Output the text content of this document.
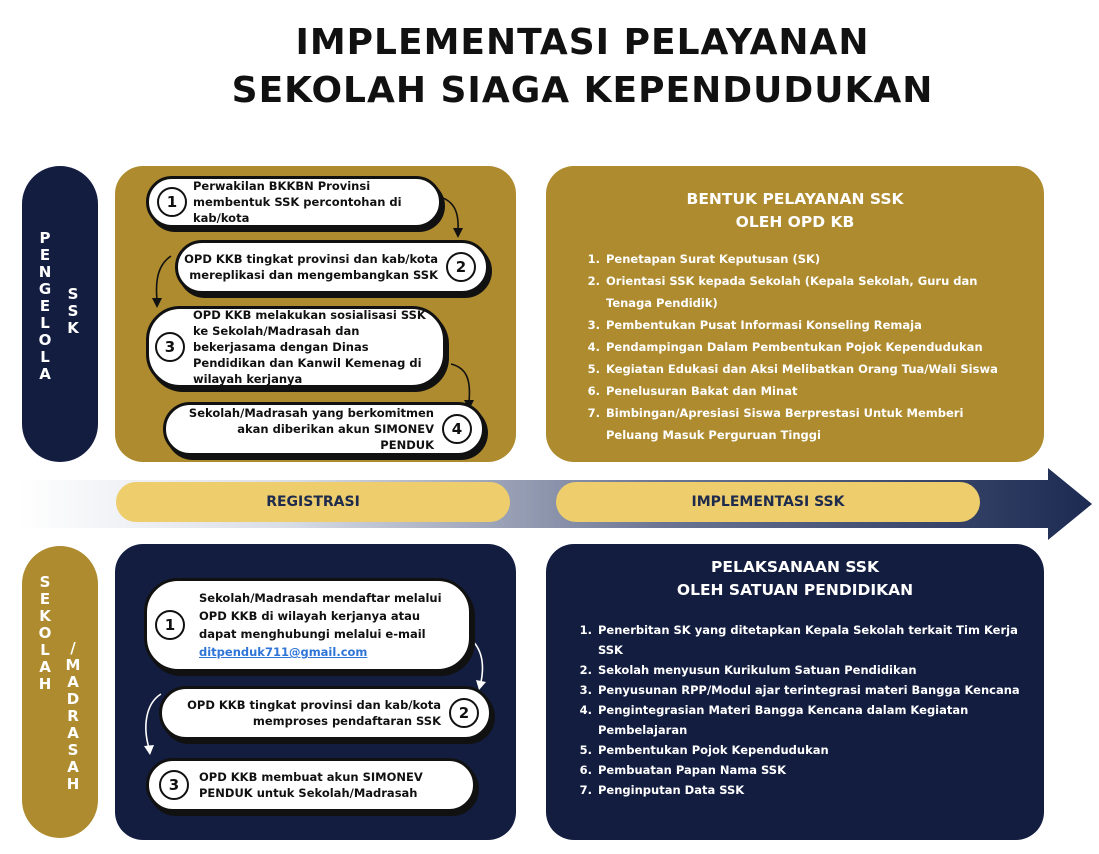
IMPLEMENTASI PELAYANAN
SEKOLAH SIAGA KEPENDUDUKAN
REGISTRASI	IMPLEMENTASI SSK
PENGELOLA
SSK
SEKOLAH
/MADRASAH
1
Perwakilan BKKBN Provinsi membentuk SSK percontohan di kab/kota
OPD KKB tingkat provinsi dan kab/kota mereplikasi dan mengembangkan SSK	2
3
OPD KKB melakukan sosialisasi SSK ke Sekolah/Madrasah dan bekerjasama dengan Dinas Pendidikan dan Kanwil Kemenag di wilayah kerjanya
Sekolah/Madrasah yang berkomitmen akan diberikan akun SIMONEV PENDUK
4
BENTUK PELAYANAN SSK
OLEH OPD KB
1. Penetapan Surat Keputusan (SK)
2. Orientasi SSK kepada Sekolah (Kepala Sekolah, Guru dan Tenaga Pendidik)
3. Pembentukan Pusat Informasi Konseling Remaja
4. Pendampingan Dalam Pembentukan Pojok Kependudukan
5. Kegiatan Edukasi dan Aksi Melibatkan Orang Tua/Wali Siswa
6. Penelusuran Bakat dan Minat
7. Bimbingan/Apresiasi Siswa Berprestasi Untuk Memberi Peluang Masuk Perguruan Tinggi
1
Sekolah/Madrasah mendaftar melalui OPD KKB di wilayah kerjanya atau dapat menghubungi melalui e-mail
ditpenduk711@gmail.com
OPD KKB tingkat provinsi dan kab/kota memproses pendaftaran SSK	2
3	OPD KKB membuat akun SIMONEV PENDUK untuk Sekolah/Madrasah
PELAKSANAAN SSK
OLEH SATUAN PENDIDIKAN
1. Penerbitan SK yang ditetapkan Kepala Sekolah terkait Tim Kerja SSK
2. Sekolah menyusun Kurikulum Satuan Pendidikan
3. Penyusunan RPP/Modul ajar terintegrasi materi Bangga Kencana
4. Pengintegrasian Materi Bangga Kencana dalam Kegiatan Pembelajaran
5. Pembentukan Pojok Kependudukan
6. Pembuatan Papan Nama SSK
7. Penginputan Data SSK
